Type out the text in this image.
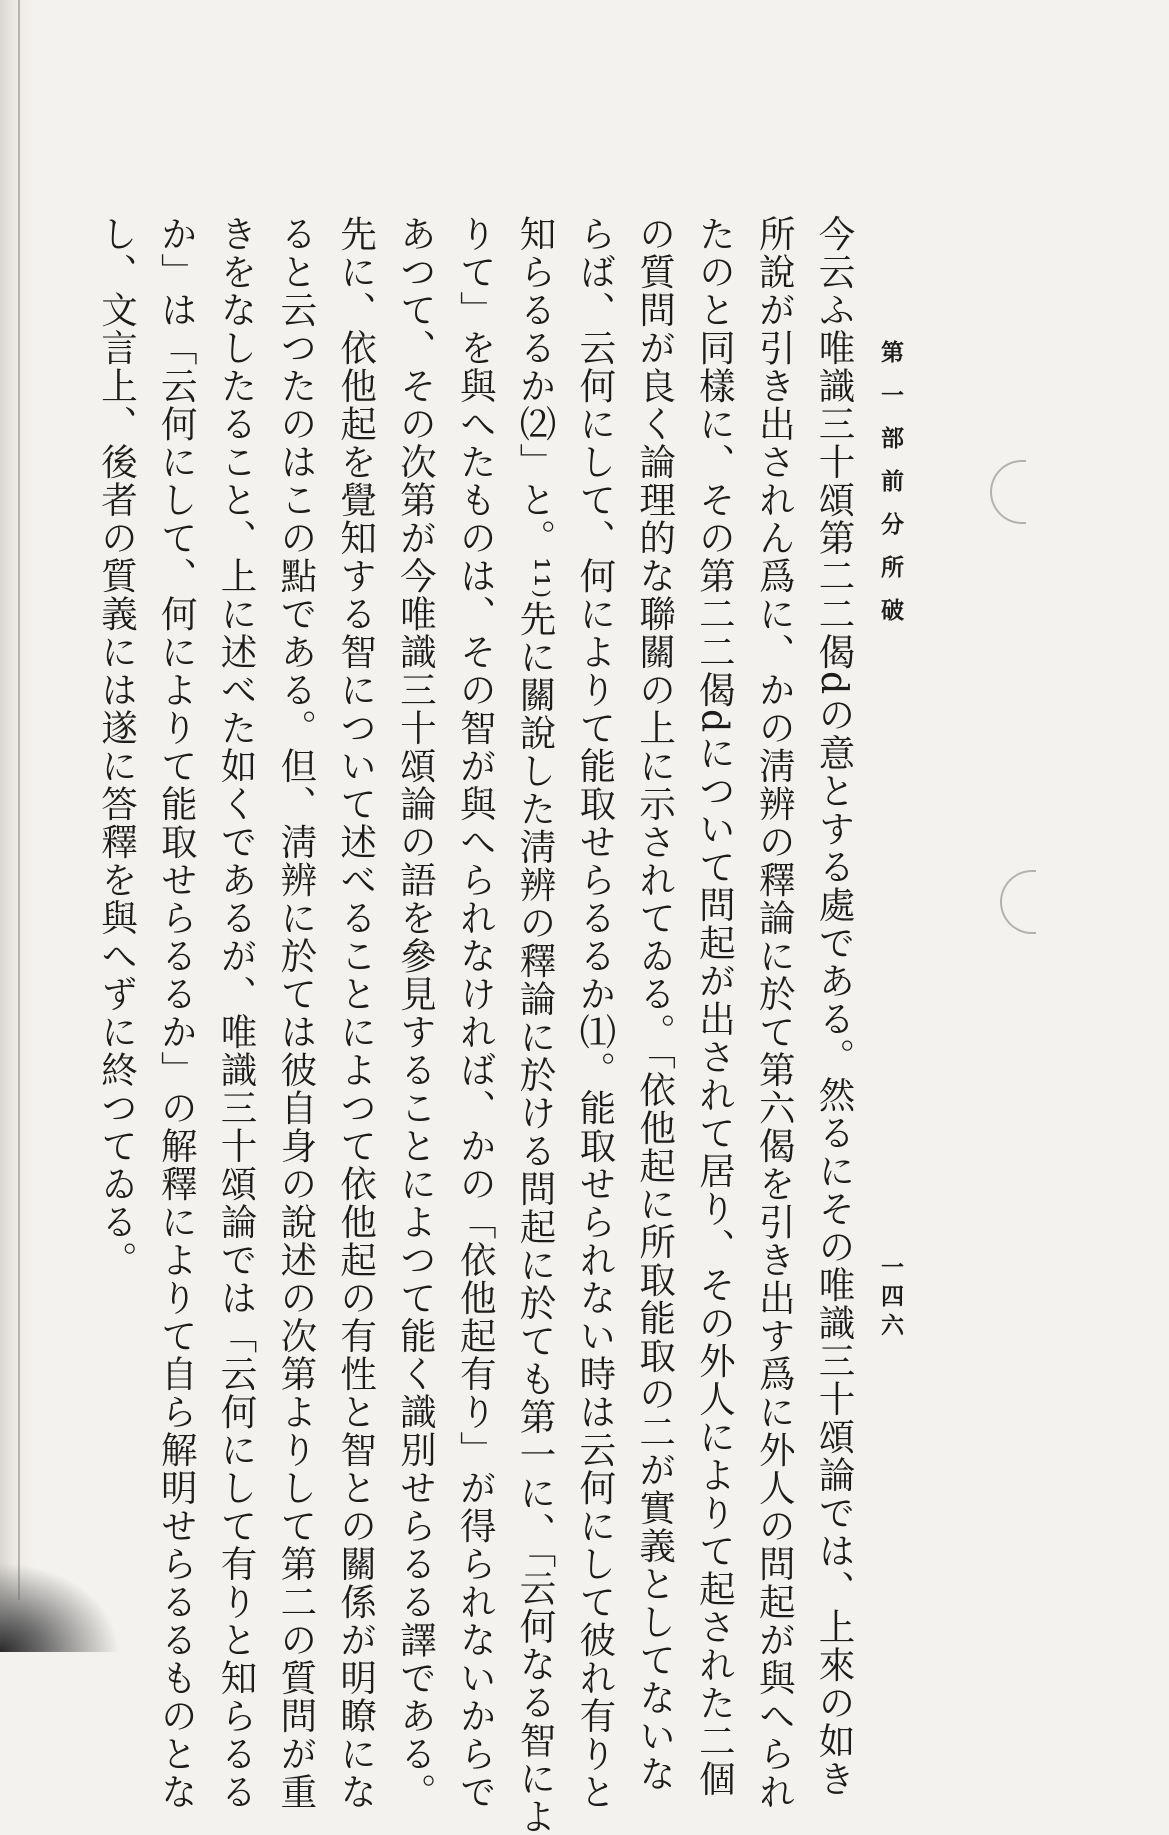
第一部前分所破
一四六
今云ふ唯識三十頌第二二偈dの意とする處である。然るにその唯識三十頌論では、上來の如き
所說が引き出されん爲に、かの淸辨の釋論に於て第六偈を引き出す爲に外人の問起が與へられ
たのと同樣に、その第二二偈dについて問起が出されて居り、その外人によりて起された二個
の質問が良く論理的な聯關の上に示されてゐる。「依他起に所取能取の二が實義としてないな
らば、云何にして、何によりて能取せらるるか⑴。能取せられない時は云何にして彼れ有りと
知らるるか⑵」と。¹¹⁾先に關說した淸辨の釋論に於ける問起に於ても第一に、「云何なる智によ
りて」を與へたものは、その智が與へられなければ、かの「依他起有り」が得られないからで
あつて、その次第が今唯識三十頌論の語を參見することによつて能く識別せらるる譯である。
先に、依他起を覺知する智について述べることによつて依他起の有性と智との關係が明瞭にな
ると云つたのはこの點である。但、淸辨に於ては彼自身の說述の次第よりして第二の質問が重
きをなしたること、上に述べた如くであるが、唯識三十頌論では「云何にして有りと知らるる
か」は「云何にして、何によりて能取せらるるか」の解釋によりて自ら解明せらるるものとな
し、文言上、後者の質義には遂に答釋を與へずに終つてゐる。
